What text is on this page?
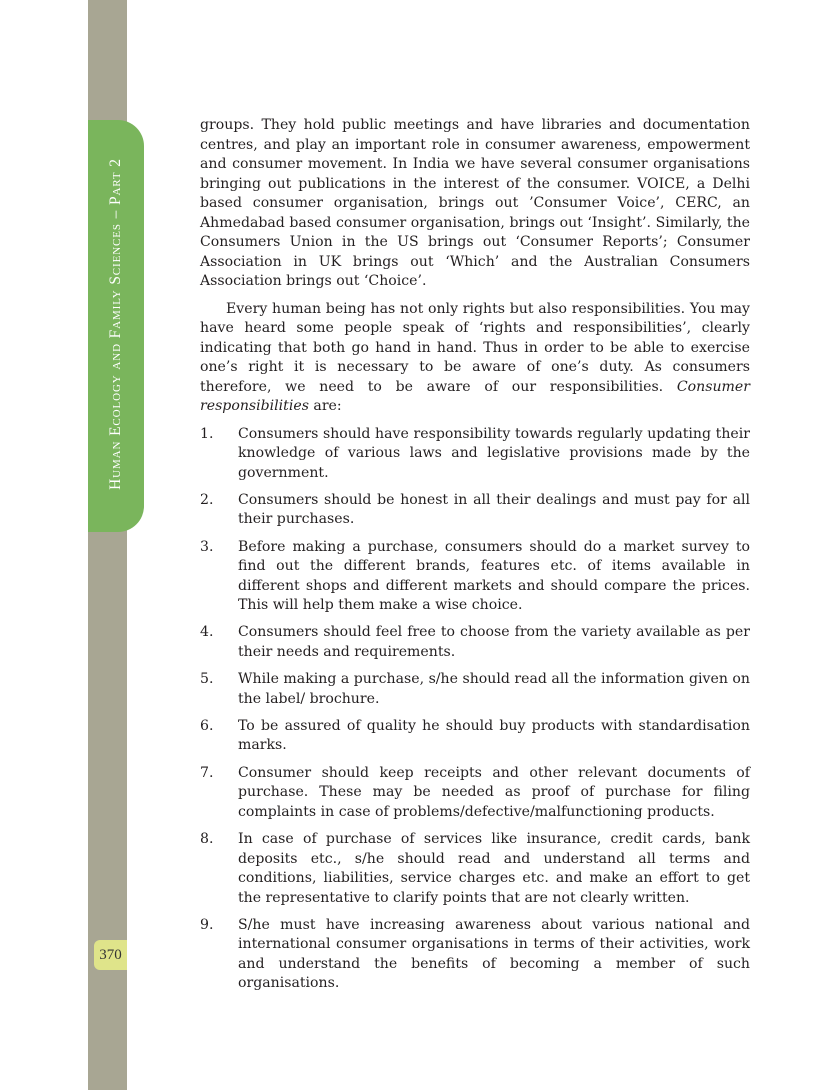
Human Ecology and Family Sciences – Part 2
370

groups. They hold public meetings and have libraries and documentation centres, and play an important role in consumer awareness, empowerment and consumer movement. In India we have several consumer organisations bringing out publications in the interest of the consumer. VOICE, a Delhi based consumer organisation, brings out ’Consumer Voice’, CERC, an Ahmedabad based consumer organisation, brings out ‘Insight’. Similarly, the Consumers Union in the US brings out ‘Consumer Reports’; Consumer Association in UK brings out ‘Which’ and the Australian Consumers Association brings out ‘Choice’.

Every human being has not only rights but also responsibilities. You may have heard some people speak of ‘rights and responsibilities’, clearly indicating that both go hand in hand. Thus in order to be able to exercise one’s right it is necessary to be aware of one’s duty. As consumers therefore, we need to be aware of our responsibilities. Consumer responsibilities are:

1. Consumers should have responsibility towards regularly updating their knowledge of various laws and legislative provisions made by the government.
2. Consumers should be honest in all their dealings and must pay for all their purchases.
3. Before making a purchase, consumers should do a market survey to find out the different brands, features etc. of items available in different shops and different markets and should compare the prices. This will help them make a wise choice.
4. Consumers should feel free to choose from the variety available as per their needs and requirements.
5. While making a purchase, s/he should read all the information given on the label/ brochure.
6. To be assured of quality he should buy products with standardisation marks.
7. Consumer should keep receipts and other relevant documents of purchase. These may be needed as proof of purchase for filing complaints in case of problems/defective/malfunctioning products.
8. In case of purchase of services like insurance, credit cards, bank deposits etc., s/he should read and understand all terms and conditions, liabilities, service charges etc. and make an effort to get the representative to clarify points that are not clearly written.
9. S/he must have increasing awareness about various national and international consumer organisations in terms of their activities, work and understand the benefits of becoming a member of such organisations.
